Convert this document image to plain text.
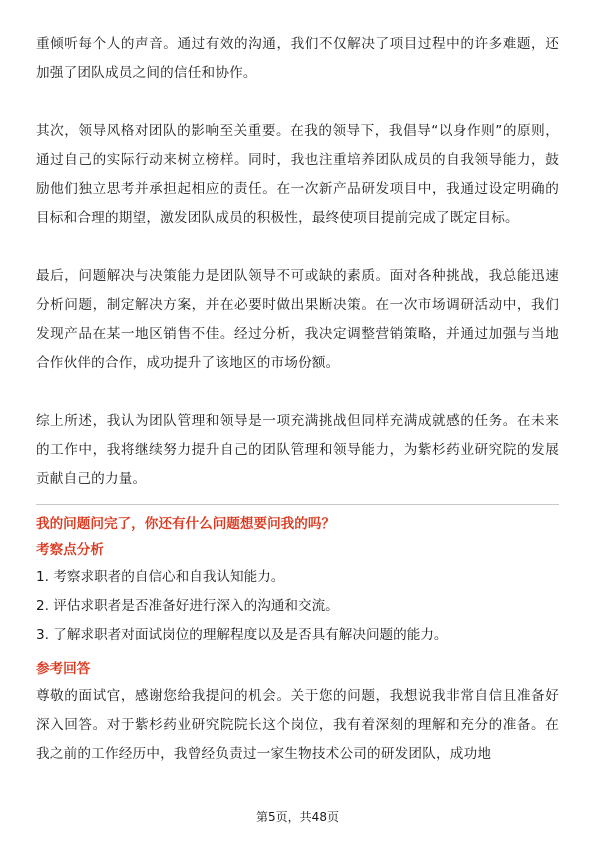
重倾听每个人的声音。通过有效的沟通，我们不仅解决了项目过程中的许多难题，还加强了团队成员之间的信任和协作。

其次，领导风格对团队的影响至关重要。在我的领导下，我倡导“以身作则”的原则，通过自己的实际行动来树立榜样。同时，我也注重培养团队成员的自我领导能力，鼓励他们独立思考并承担起相应的责任。在一次新产品研发项目中，我通过设定明确的目标和合理的期望，激发团队成员的积极性，最终使项目提前完成了既定目标。

最后，问题解决与决策能力是团队领导不可或缺的素质。面对各种挑战，我总能迅速分析问题，制定解决方案，并在必要时做出果断决策。在一次市场调研活动中，我们发现产品在某一地区销售不佳。经过分析，我决定调整营销策略，并通过加强与当地合作伙伴的合作，成功提升了该地区的市场份额。

综上所述，我认为团队管理和领导是一项充满挑战但同样充满成就感的任务。在未来的工作中，我将继续努力提升自己的团队管理和领导能力，为紫杉药业研究院的发展贡献自己的力量。

我的问题问完了，你还有什么问题想要问我的吗？

考察点分析

1. 考察求职者的自信心和自我认知能力。
2. 评估求职者是否准备好进行深入的沟通和交流。
3. 了解求职者对面试岗位的理解程度以及是否具有解决问题的能力。

参考回答

尊敬的面试官，感谢您给我提问的机会。关于您的问题，我想说我非常自信且准备好深入回答。对于紫杉药业研究院院长这个岗位，我有着深刻的理解和充分的准备。在我之前的工作经历中，我曾经负责过一家生物技术公司的研发团队，成功地

第5页，共48页
